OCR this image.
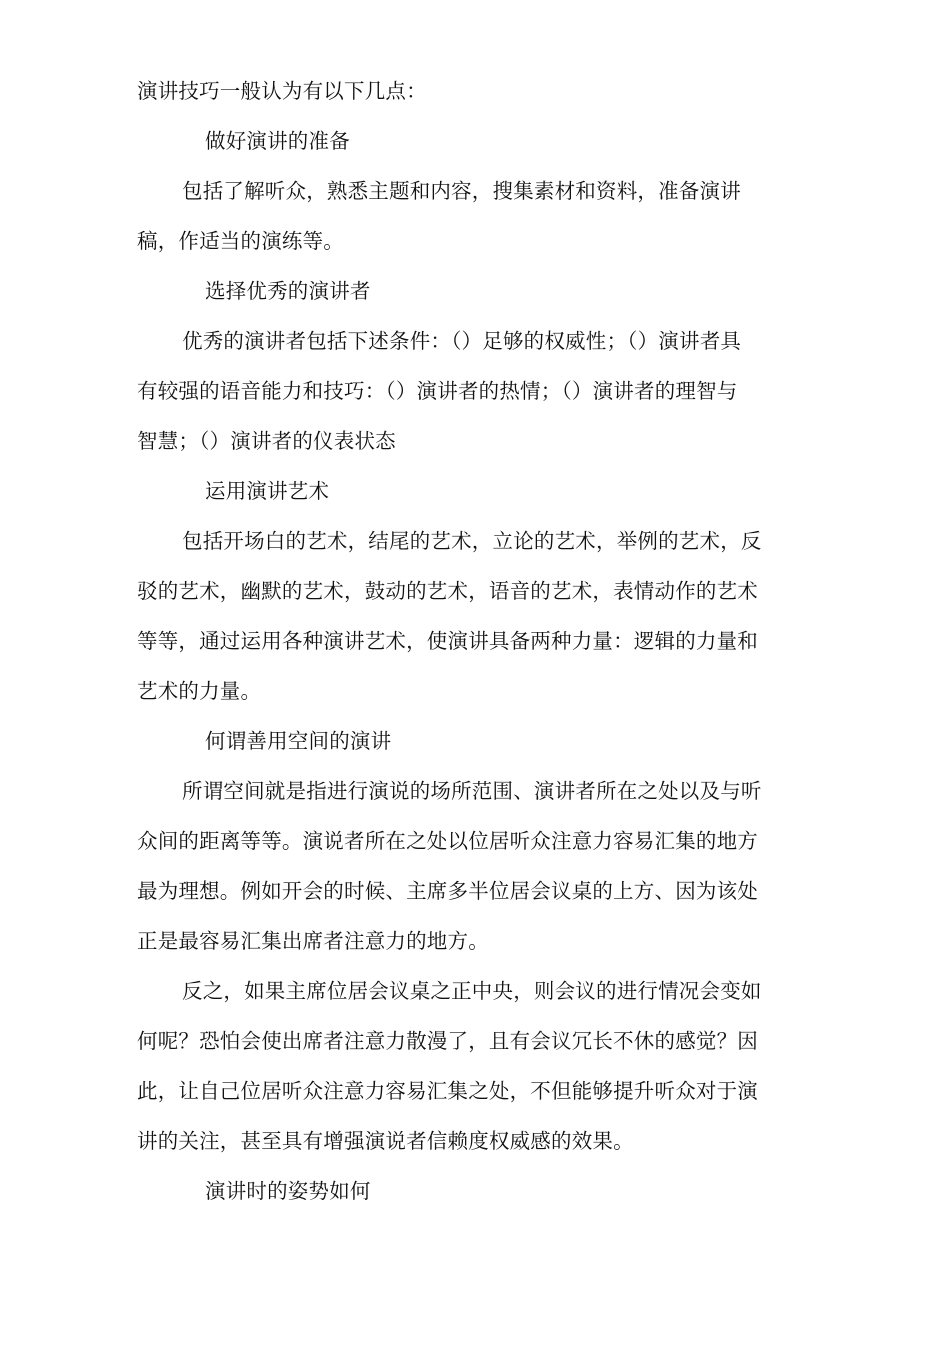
演讲技巧一般认为有以下几点：
做好演讲的准备
包括了解听众，熟悉主题和内容，搜集素材和资料，准备演讲
稿，作适当的演练等。
选择优秀的演讲者
优秀的演讲者包括下述条件：（）足够的权威性；（）演讲者具
有较强的语音能力和技巧：（）演讲者的热情；（）演讲者的理智与
智慧；（）演讲者的仪表状态
运用演讲艺术
包括开场白的艺术，结尾的艺术，立论的艺术，举例的艺术，反
驳的艺术，幽默的艺术，鼓动的艺术，语音的艺术，表情动作的艺术
等等，通过运用各种演讲艺术，使演讲具备两种力量：逻辑的力量和
艺术的力量。
何谓善用空间的演讲
所谓空间就是指进行演说的场所范围、演讲者所在之处以及与听
众间的距离等等。演说者所在之处以位居听众注意力容易汇集的地方
最为理想。例如开会的时候、主席多半位居会议桌的上方、因为该处
正是最容易汇集出席者注意力的地方。
反之，如果主席位居会议桌之正中央，则会议的进行情况会变如
何呢？恐怕会使出席者注意力散漫了，且有会议冗长不休的感觉？因
此，让自己位居听众注意力容易汇集之处，不但能够提升听众对于演
讲的关注，甚至具有增强演说者信赖度权威感的效果。
演讲时的姿势如何
